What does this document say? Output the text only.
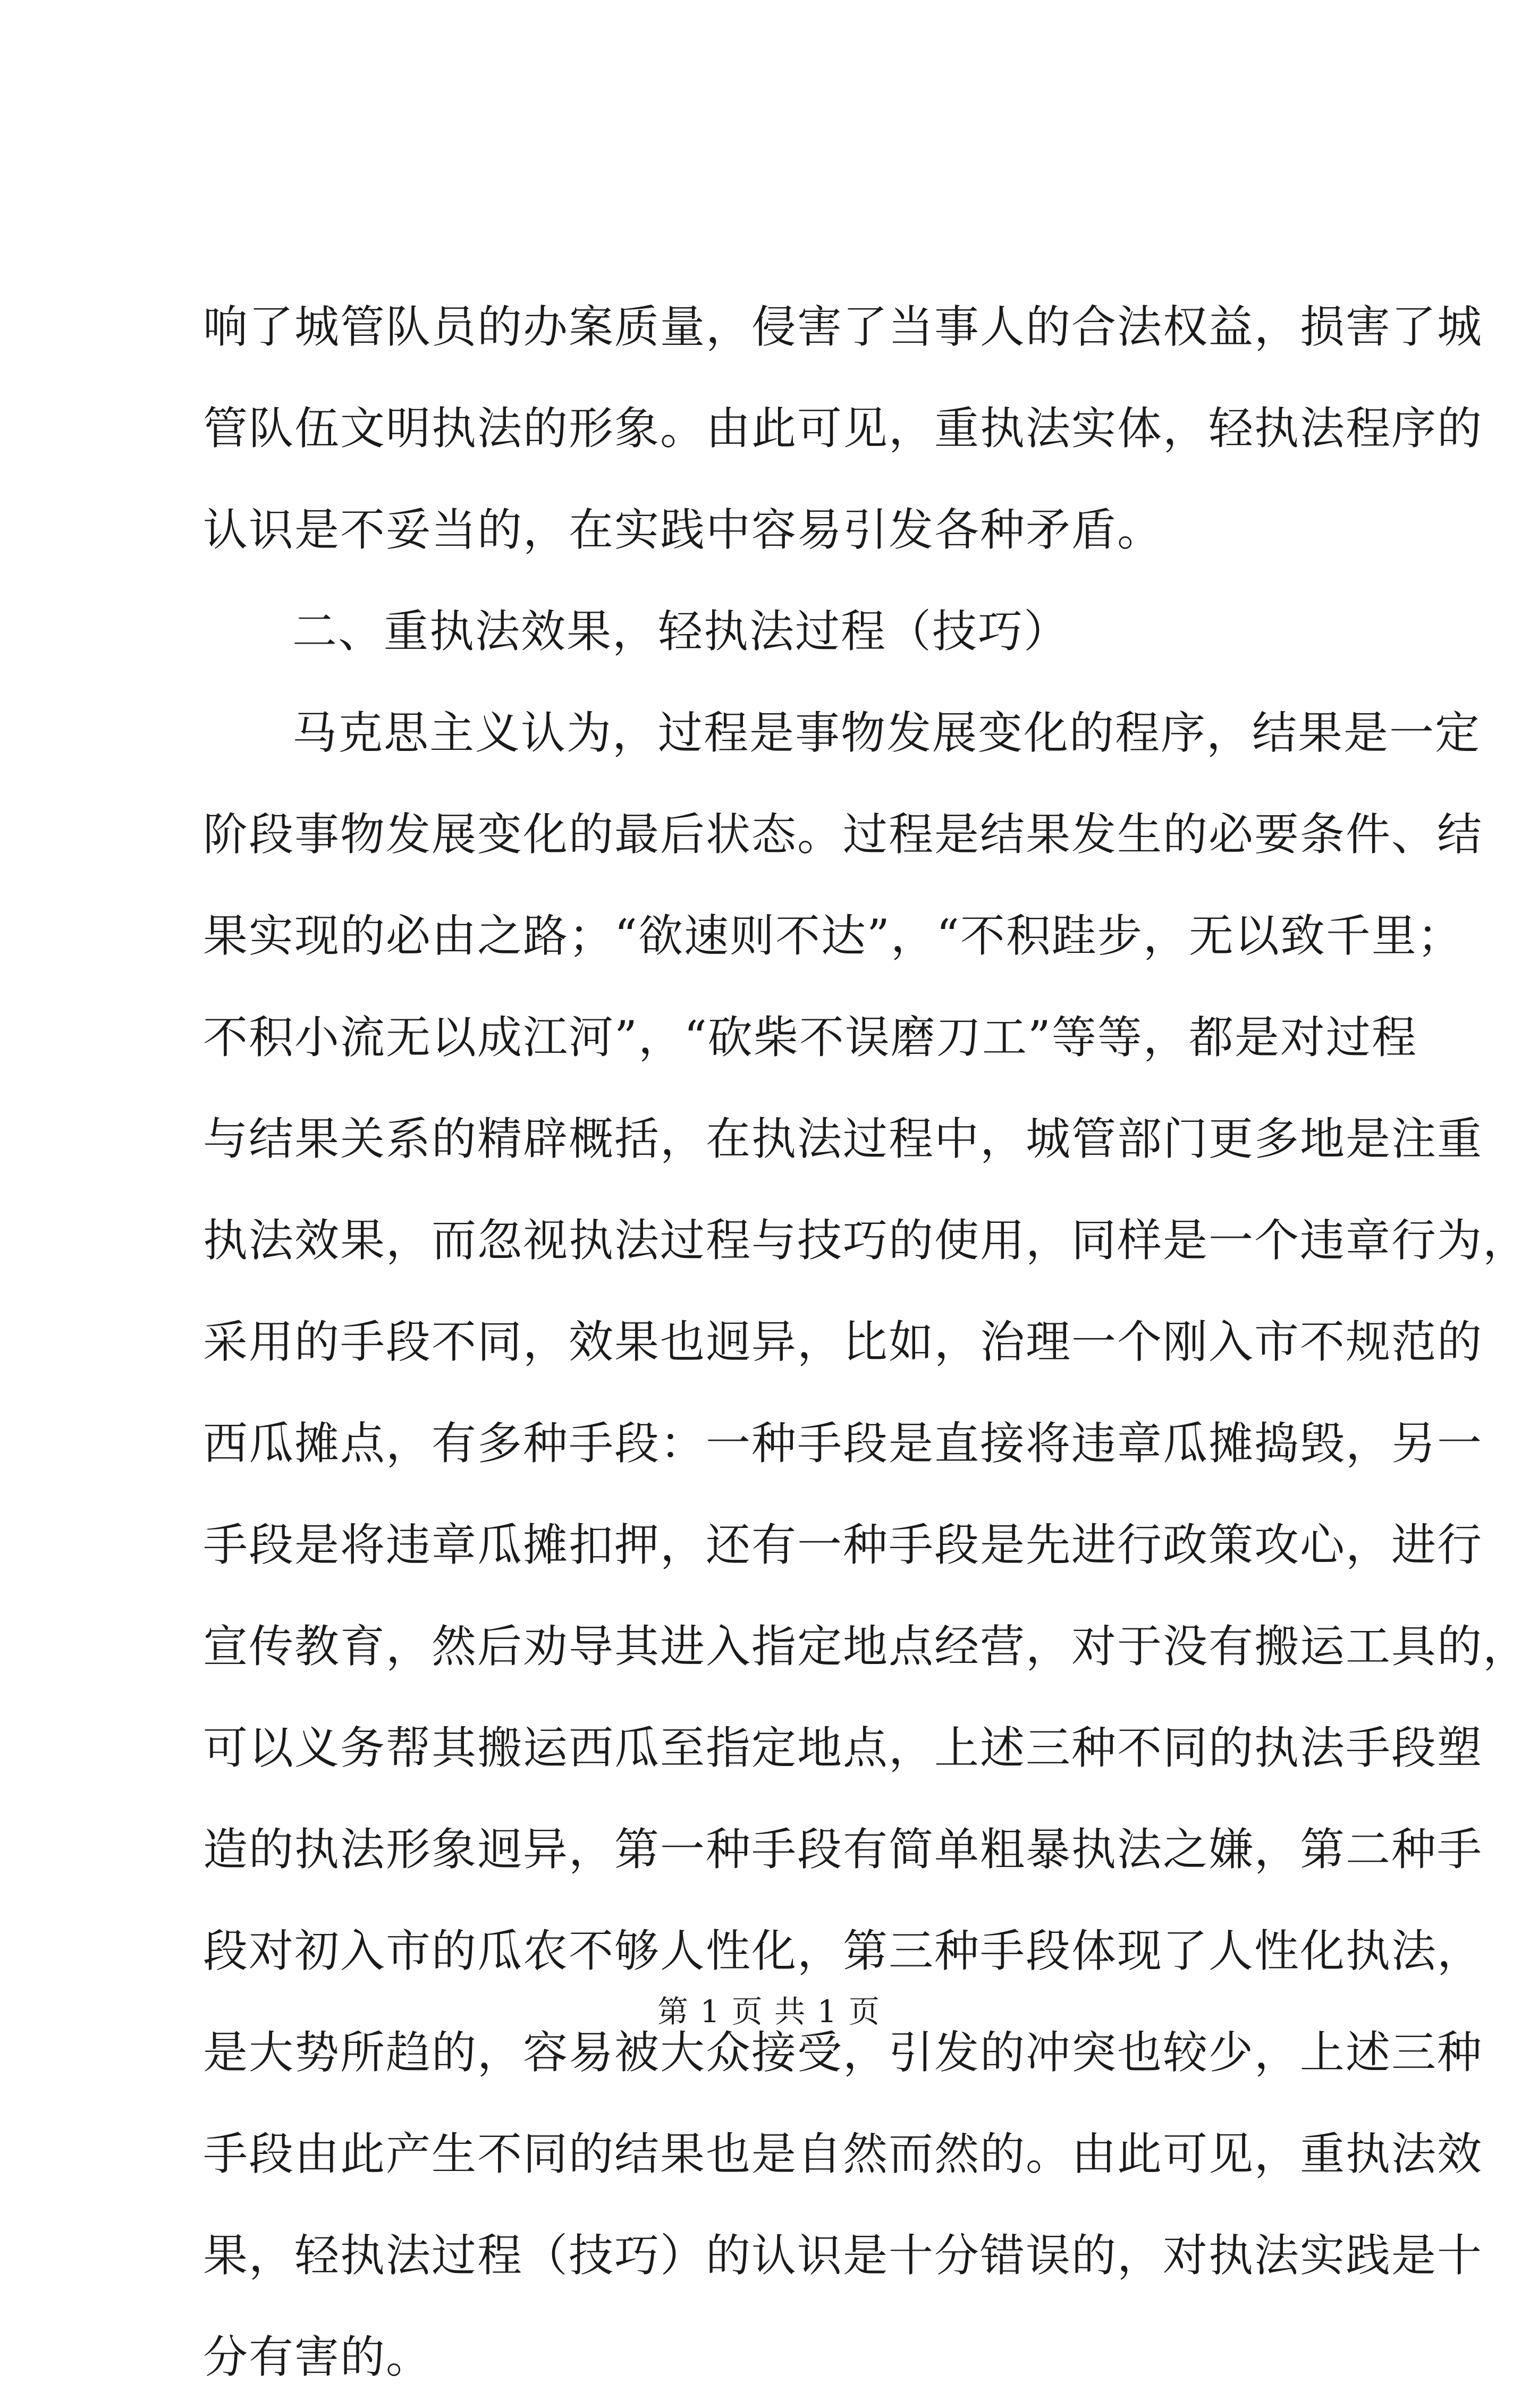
响了城管队员的办案质量，侵害了当事人的合法权益，损害了城
管队伍文明执法的形象。由此可见，重执法实体，轻执法程序的
认识是不妥当的，在实践中容易引发各种矛盾。
二、重执法效果，轻执法过程（技巧）
马克思主义认为，过程是事物发展变化的程序，结果是一定
阶段事物发展变化的最后状态。过程是结果发生的必要条件、结
果实现的必由之路；“欲速则不达”，“不积跬步，无以致千里；
不积小流无以成江河”，“砍柴不误磨刀工”等等，都是对过程
与结果关系的精辟概括，在执法过程中，城管部门更多地是注重
执法效果，而忽视执法过程与技巧的使用，同样是一个违章行为，
采用的手段不同，效果也迥异，比如，治理一个刚入市不规范的
西瓜摊点，有多种手段：一种手段是直接将违章瓜摊捣毁，另一
手段是将违章瓜摊扣押，还有一种手段是先进行政策攻心，进行
宣传教育，然后劝导其进入指定地点经营，对于没有搬运工具的，
可以义务帮其搬运西瓜至指定地点，上述三种不同的执法手段塑
造的执法形象迥异，第一种手段有简单粗暴执法之嫌，第二种手
段对初入市的瓜农不够人性化，第三种手段体现了人性化执法，
是大势所趋的，容易被大众接受，引发的冲突也较少，上述三种
手段由此产生不同的结果也是自然而然的。由此可见，重执法效
果，轻执法过程（技巧）的认识是十分错误的，对执法实践是十
分有害的。
第 1 页 共 1 页
